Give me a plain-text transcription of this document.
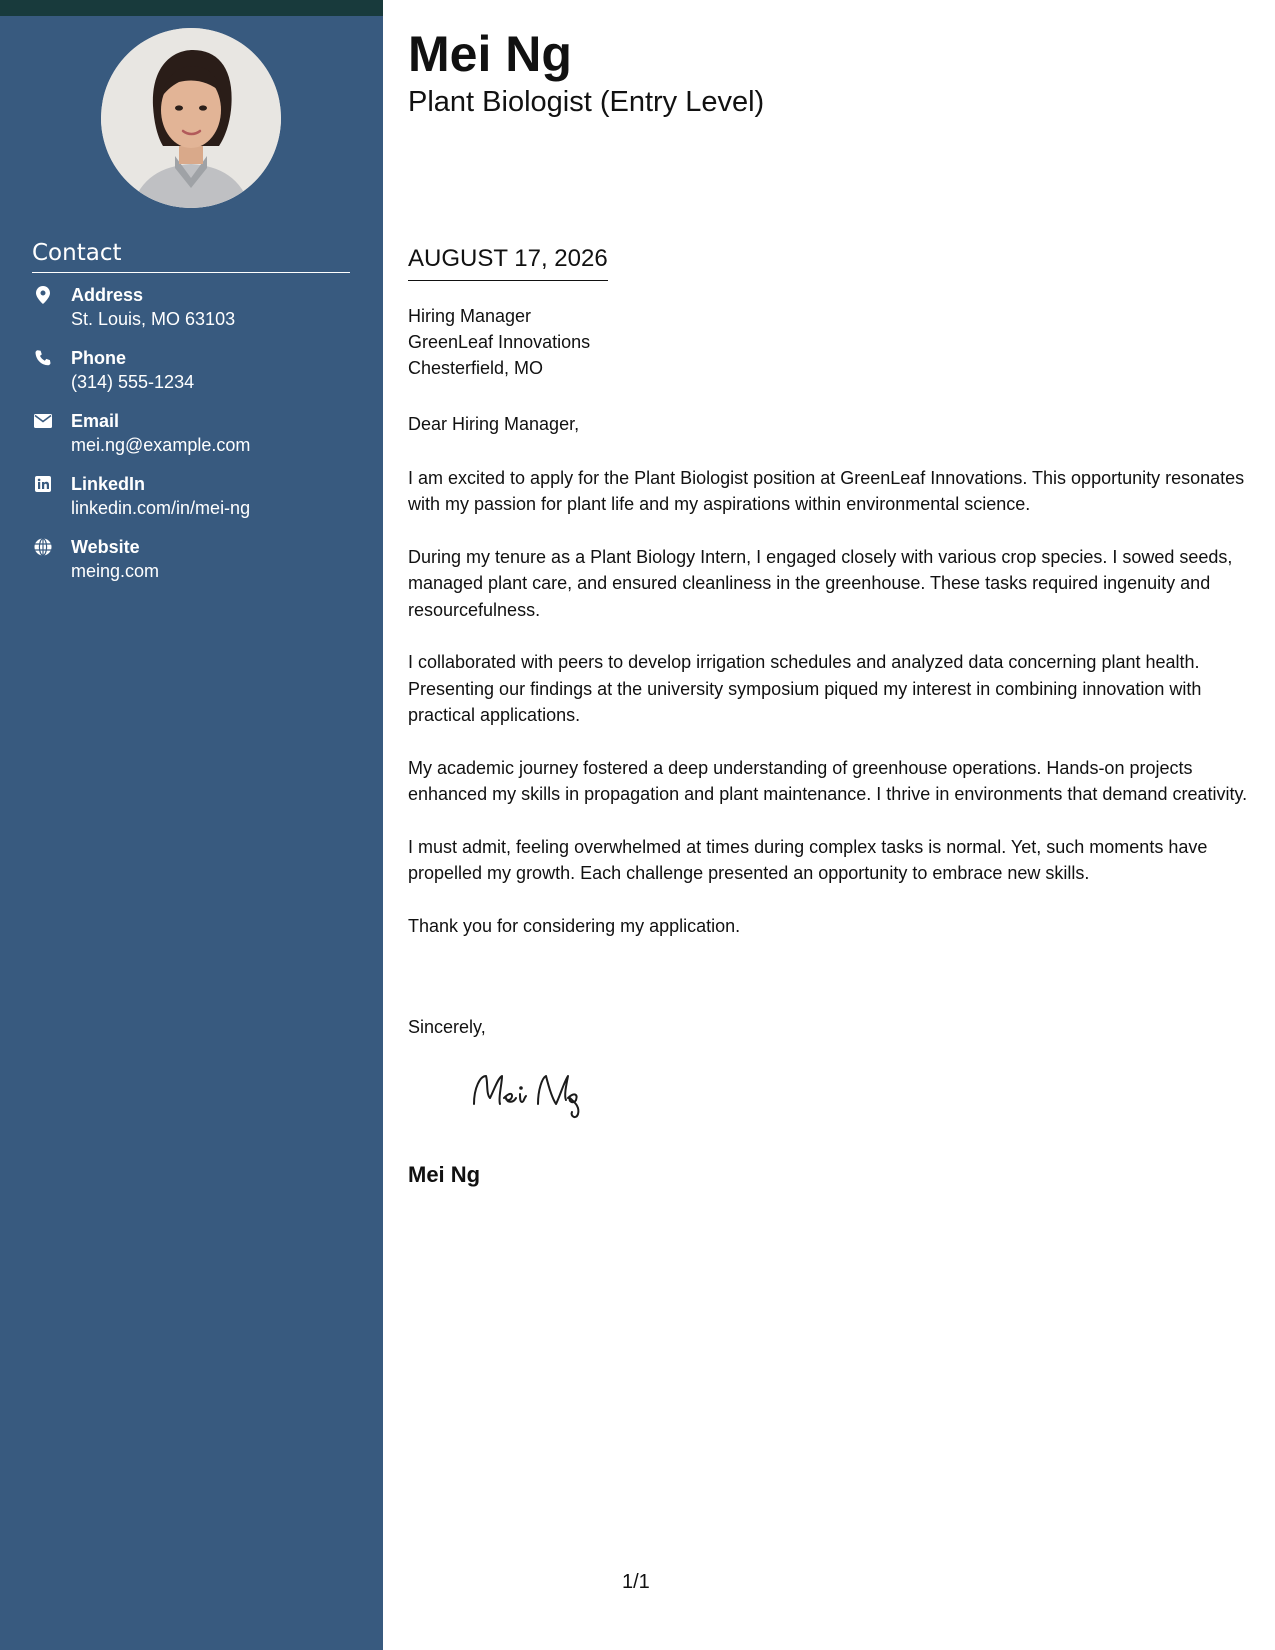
Contact
Address
St. Louis, MO 63103
Phone
(314) 555-1234
Email
mei.ng@example.com
LinkedIn
linkedin.com/in/mei-ng
Website
meing.com
Mei Ng
Plant Biologist (Entry Level)
AUGUST 17, 2026
Hiring Manager
GreenLeaf Innovations
Chesterfield, MO

Dear Hiring Manager,

I am excited to apply for the Plant Biologist position at GreenLeaf Innovations. This opportunity resonates with my passion for plant life and my aspirations within environmental science.

During my tenure as a Plant Biology Intern, I engaged closely with various crop species. I sowed seeds, managed plant care, and ensured cleanliness in the greenhouse. These tasks required ingenuity and resourcefulness.

I collaborated with peers to develop irrigation schedules and analyzed data concerning plant health. Presenting our findings at the university symposium piqued my interest in combining innovation with practical applications.

My academic journey fostered a deep understanding of greenhouse operations. Hands-on projects enhanced my skills in propagation and plant maintenance. I thrive in environments that demand creativity.

I must admit, feeling overwhelmed at times during complex tasks is normal. Yet, such moments have propelled my growth. Each challenge presented an opportunity to embrace new skills.

Thank you for considering my application.

Sincerely,
Mei Ng
1/1
